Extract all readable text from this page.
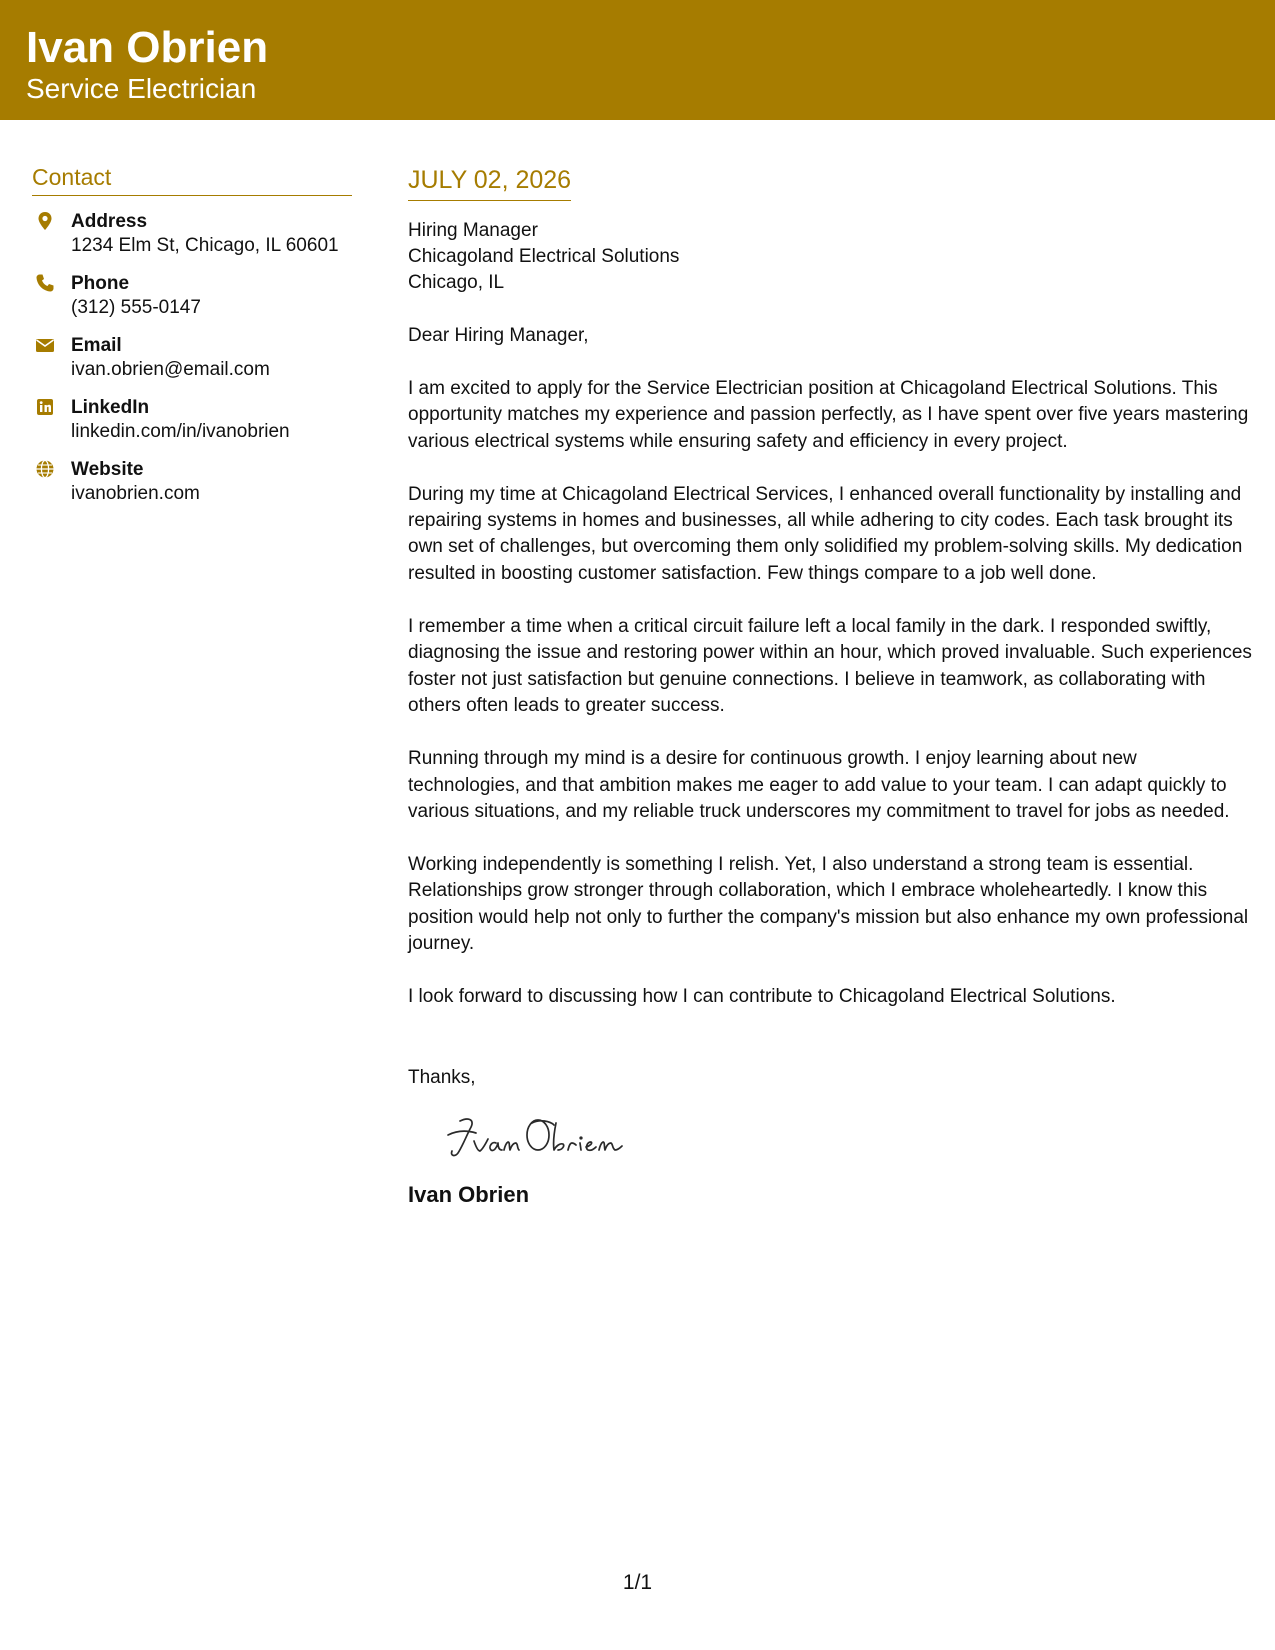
Ivan Obrien
Service Electrician
Contact
Address
1234 Elm St, Chicago, IL 60601
Phone
(312) 555-0147
Email
ivan.obrien@email.com
LinkedIn
linkedin.com/in/ivanobrien
Website
ivanobrien.com
JULY 02, 2026
Hiring Manager
Chicagoland Electrical Solutions
Chicago, IL
Dear Hiring Manager,
I am excited to apply for the Service Electrician position at Chicagoland Electrical Solutions. This opportunity matches my experience and passion perfectly, as I have spent over five years mastering various electrical systems while ensuring safety and efficiency in every project.
During my time at Chicagoland Electrical Services, I enhanced overall functionality by installing and repairing systems in homes and businesses, all while adhering to city codes. Each task brought its own set of challenges, but overcoming them only solidified my problem-solving skills. My dedication resulted in boosting customer satisfaction. Few things compare to a job well done.
I remember a time when a critical circuit failure left a local family in the dark. I responded swiftly, diagnosing the issue and restoring power within an hour, which proved invaluable. Such experiences foster not just satisfaction but genuine connections. I believe in teamwork, as collaborating with others often leads to greater success.
Running through my mind is a desire for continuous growth. I enjoy learning about new technologies, and that ambition makes me eager to add value to your team. I can adapt quickly to various situations, and my reliable truck underscores my commitment to travel for jobs as needed.
Working independently is something I relish. Yet, I also understand a strong team is essential. Relationships grow stronger through collaboration, which I embrace wholeheartedly. I know this position would help not only to further the company's mission but also enhance my own professional journey.
I look forward to discussing how I can contribute to Chicagoland Electrical Solutions.
Thanks,
Ivan Obrien
1/1
